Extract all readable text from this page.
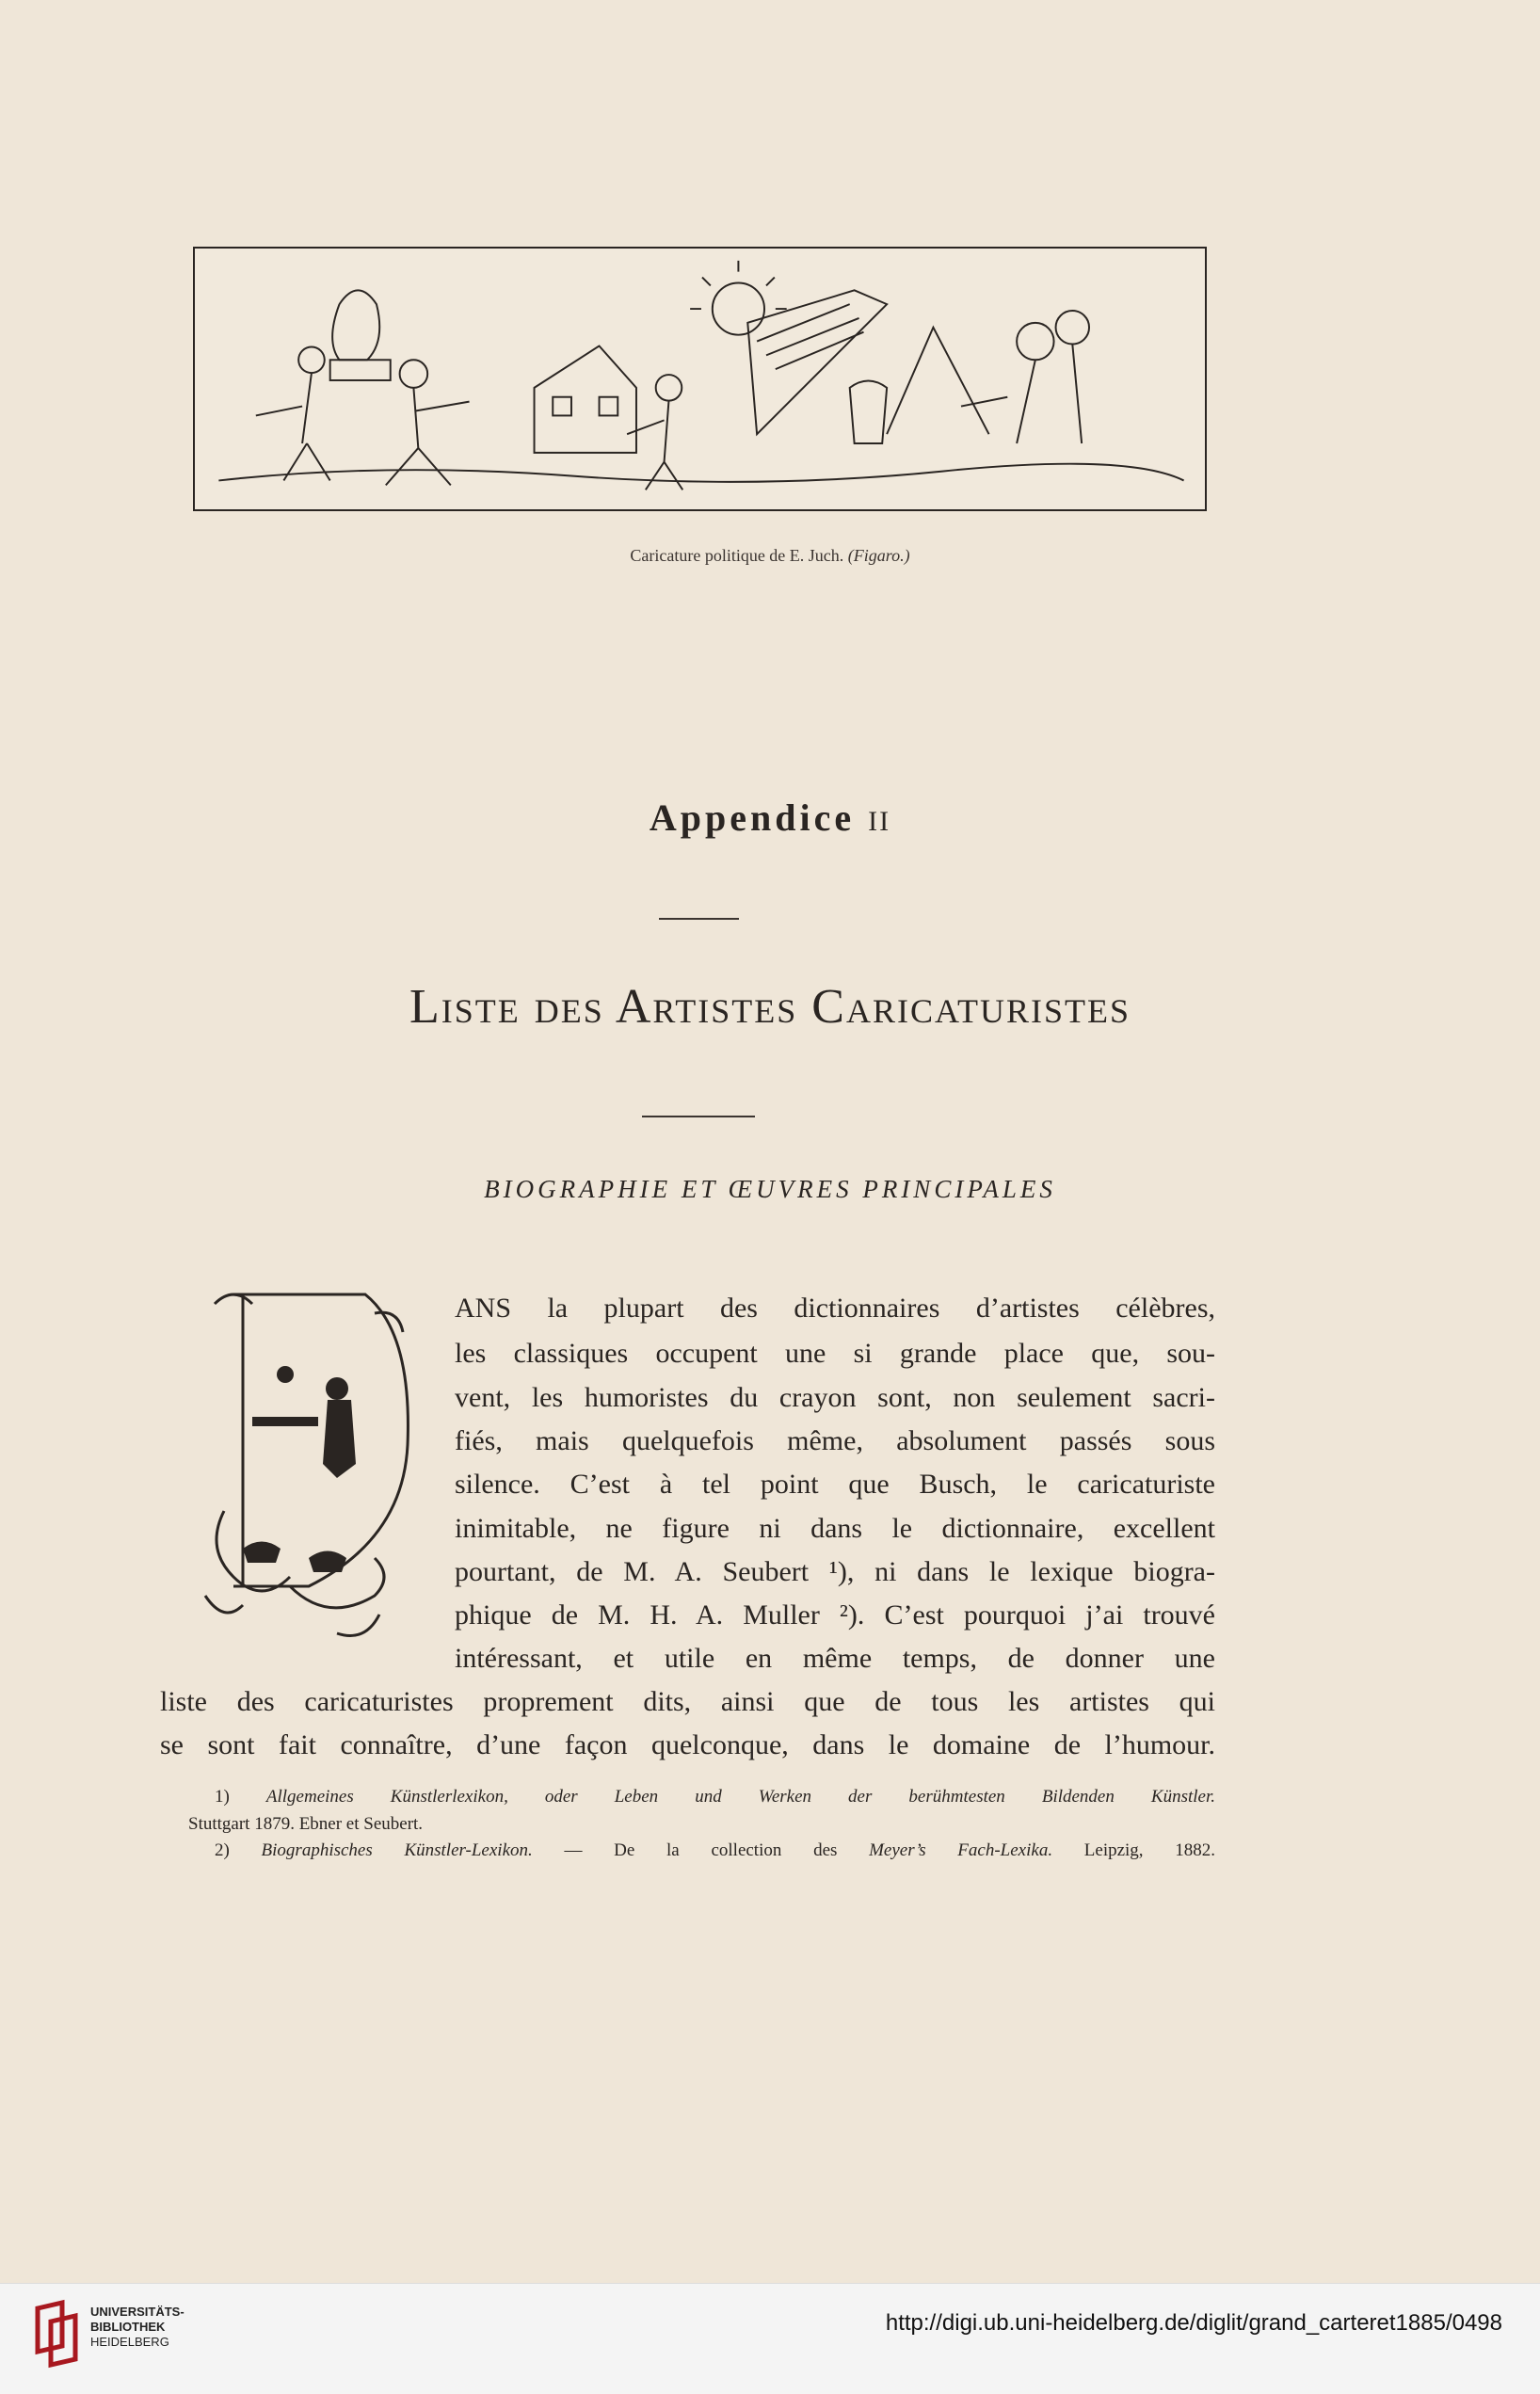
Caricature politique de E. Juch. (Figaro.)
Appendice II
Liste des Artistes Caricaturistes
BIOGRAPHIE ET ŒUVRES PRINCIPALES
ANS la plupart des dictionnaires d’artistes célèbres,
les classiques occupent une si grande place que, sou-
vent, les humoristes du crayon sont, non seulement sacri-
fiés, mais quelquefois même, absolument passés sous
silence. C’est à tel point que Busch, le caricaturiste
inimitable, ne figure ni dans le dictionnaire, excellent
pourtant, de M. A. Seubert ¹), ni dans le lexique biogra-
phique de M. H. A. Muller ²). C’est pourquoi j’ai trouvé
intéressant, et utile en même temps, de donner une
liste des caricaturistes proprement dits, ainsi que de tous les artistes qui
se sont fait connaître, d’une façon quelconque, dans le domaine de l’humour.
1) Allgemeines Künstlerlexikon, oder Leben und Werken der berühmtesten Bildenden Künstler.
Stuttgart 1879. Ebner et Seubert.
2) Biographisches Künstler-Lexikon. — De la collection des Meyer’s Fach-Lexika. Leipzig, 1882.
UNIVERSITÄTS-
BIBLIOTHEK
HEIDELBERG
http://digi.ub.uni-heidelberg.de/diglit/grand_carteret1885/0498
